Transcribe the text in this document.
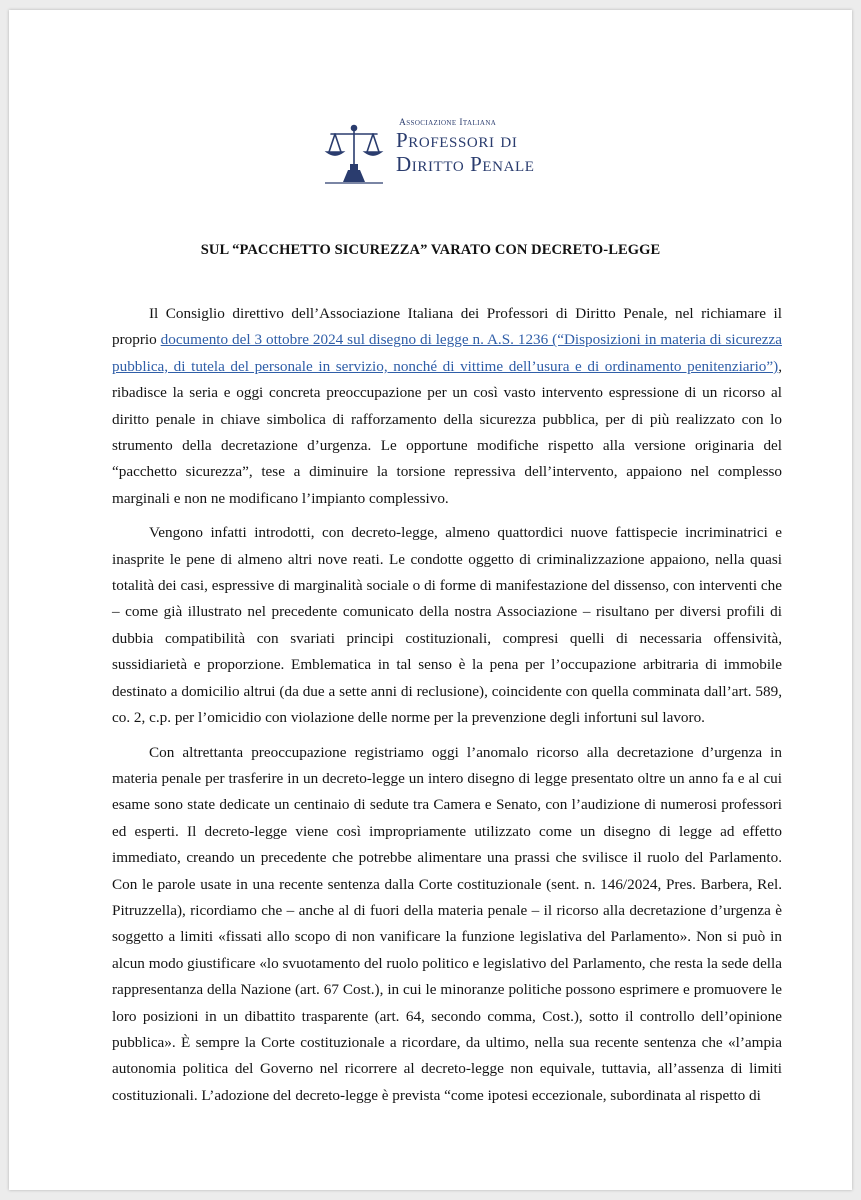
Associazione Italiana
Professori di
Diritto Penale
SUL “PACCHETTO SICUREZZA” VARATO CON DECRETO-LEGGE

Il Consiglio direttivo dell’Associazione Italiana dei Professori di Diritto Penale, nel richiamare il proprio documento del 3 ottobre 2024 sul disegno di legge n. A.S. 1236 (“Disposizioni in materia di sicurezza pubblica, di tutela del personale in servizio, nonché di vittime dell’usura e di ordinamento penitenziario”), ribadisce la seria e oggi concreta preoccupazione per un così vasto intervento espressione di un ricorso al diritto penale in chiave simbolica di rafforzamento della sicurezza pubblica, per di più realizzato con lo strumento della decretazione d’urgenza. Le opportune modifiche rispetto alla versione originaria del “pacchetto sicurezza”, tese a diminuire la torsione repressiva dell’intervento, appaiono nel complesso marginali e non ne modificano l’impianto complessivo.

Vengono infatti introdotti, con decreto-legge, almeno quattordici nuove fattispecie incriminatrici e inasprite le pene di almeno altri nove reati. Le condotte oggetto di criminalizzazione appaiono, nella quasi totalità dei casi, espressive di marginalità sociale o di forme di manifestazione del dissenso, con interventi che – come già illustrato nel precedente comunicato della nostra Associazione – risultano per diversi profili di dubbia compatibilità con svariati principi costituzionali, compresi quelli di necessaria offensività, sussidiarietà e proporzione. Emblematica in tal senso è la pena per l’occupazione arbitraria di immobile destinato a domicilio altrui (da due a sette anni di reclusione), coincidente con quella comminata dall’art. 589, co. 2, c.p. per l’omicidio con violazione delle norme per la prevenzione degli infortuni sul lavoro.

Con altrettanta preoccupazione registriamo oggi l’anomalo ricorso alla decretazione d’urgenza in materia penale per trasferire in un decreto-legge un intero disegno di legge presentato oltre un anno fa e al cui esame sono state dedicate un centinaio di sedute tra Camera e Senato, con l’audizione di numerosi professori ed esperti. Il decreto-legge viene così impropriamente utilizzato come un disegno di legge ad effetto immediato, creando un precedente che potrebbe alimentare una prassi che svilisce il ruolo del Parlamento. Con le parole usate in una recente sentenza dalla Corte costituzionale (sent. n. 146/2024, Pres. Barbera, Rel. Pitruzzella), ricordiamo che – anche al di fuori della materia penale – il ricorso alla decretazione d’urgenza è soggetto a limiti «fissati allo scopo di non vanificare la funzione legislativa del Parlamento». Non si può in alcun modo giustificare «lo svuotamento del ruolo politico e legislativo del Parlamento, che resta la sede della rappresentanza della Nazione (art. 67 Cost.), in cui le minoranze politiche possono esprimere e promuovere le loro posizioni in un dibattito trasparente (art. 64, secondo comma, Cost.), sotto il controllo dell’opinione pubblica». È sempre la Corte costituzionale a ricordare, da ultimo, nella sua recente sentenza che «l’ampia autonomia politica del Governo nel ricorrere al decreto-legge non equivale, tuttavia, all’assenza di limiti costituzionali. L’adozione del decreto-legge è prevista “come ipotesi eccezionale, subordinata al rispetto di
